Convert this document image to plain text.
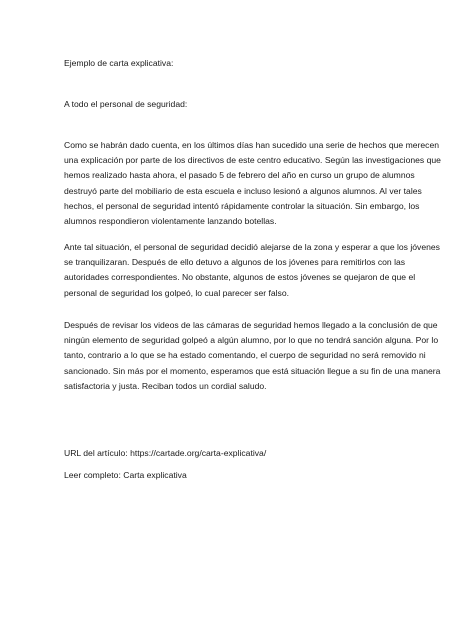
Ejemplo de carta explicativa:
A todo el personal de seguridad:
Como se habrán dado cuenta, en los últimos días han sucedido una serie de hechos que merecen
una explicación por parte de los directivos de este centro educativo. Según las investigaciones que
hemos realizado hasta ahora, el pasado 5 de febrero del año en curso un grupo de alumnos
destruyó parte del mobiliario de esta escuela e incluso lesionó a algunos alumnos. Al ver tales
hechos, el personal de seguridad intentó rápidamente controlar la situación. Sin embargo, los
alumnos respondieron violentamente lanzando botellas.
Ante tal situación, el personal de seguridad decidió alejarse de la zona y esperar a que los jóvenes
se tranquilizaran. Después de ello detuvo a algunos de los jóvenes para remitirlos con las
autoridades correspondientes. No obstante, algunos de estos jóvenes se quejaron de que el
personal de seguridad los golpeó, lo cual parecer ser falso.
Después de revisar los videos de las cámaras de seguridad hemos llegado a la conclusión de que
ningún elemento de seguridad golpeó a algún alumno, por lo que no tendrá sanción alguna. Por lo
tanto, contrario a lo que se ha estado comentando, el cuerpo de seguridad no será removido ni
sancionado. Sin más por el momento, esperamos que está situación llegue a su fin de una manera
satisfactoria y justa. Reciban todos un cordial saludo.
URL del artículo: https://cartade.org/carta-explicativa/
Leer completo: Carta explicativa
